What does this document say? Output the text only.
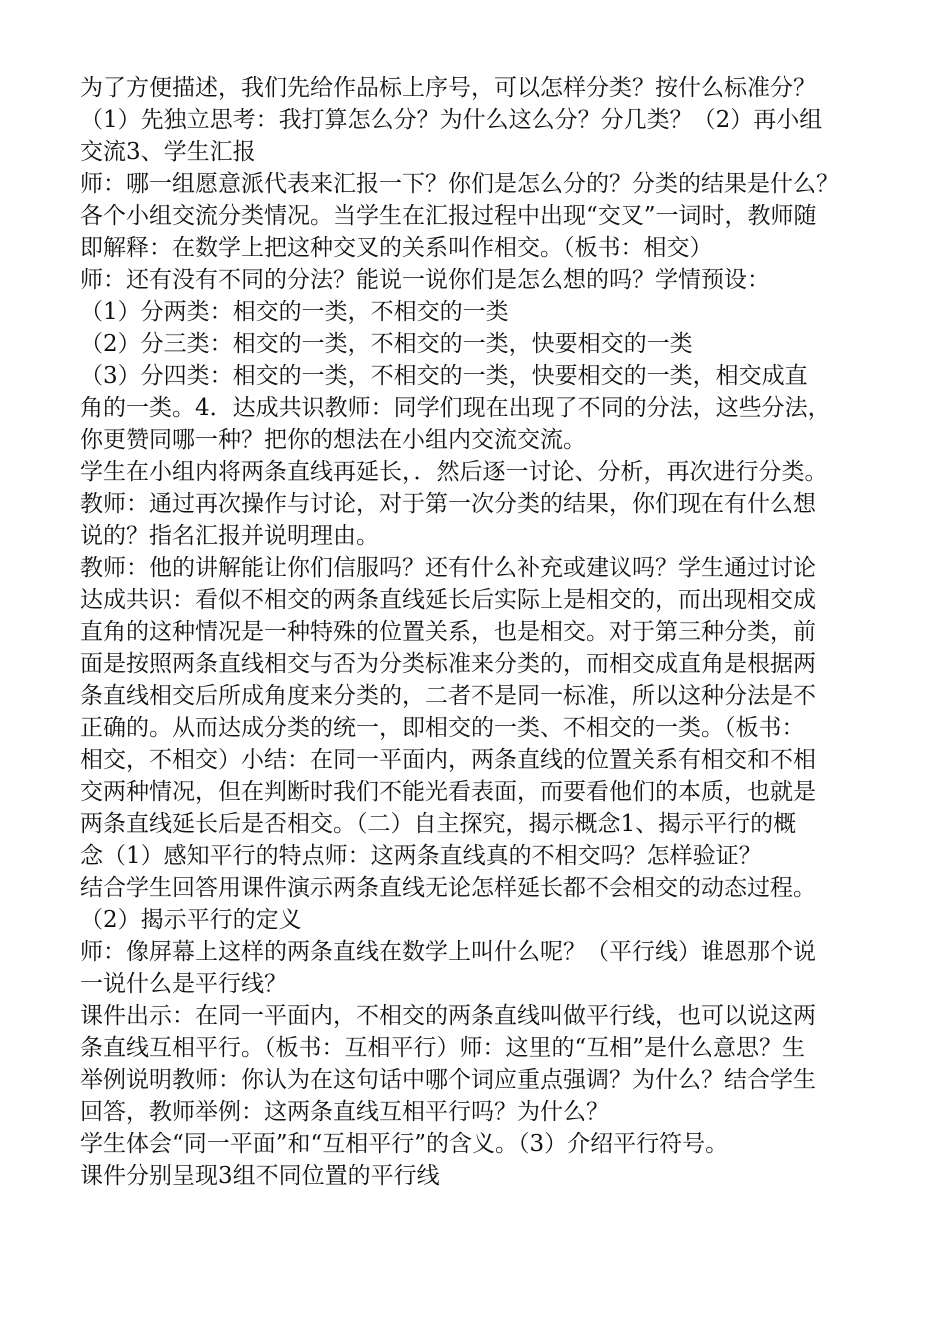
为了方便描述，我们先给作品标上序号，可以怎样分类？按什么标准分？
（1）先独立思考：我打算怎么分？为什么这么分？分几类？（2）再小组
交流3、学生汇报
师：哪一组愿意派代表来汇报一下？你们是怎么分的？分类的结果是什么？
各个小组交流分类情况。当学生在汇报过程中出现“交叉”一词时，教师随
即解释：在数学上把这种交叉的关系叫作相交。（板书：相交）
师：还有没有不同的分法？能说一说你们是怎么想的吗？学情预设：
（1）分两类：相交的一类，不相交的一类
（2）分三类：相交的一类，不相交的一类，快要相交的一类
（3）分四类：相交的一类，不相交的一类，快要相交的一类，相交成直
角的一类。4．达成共识教师：同学们现在出现了不同的分法，这些分法，
你更赞同哪一种？把你的想法在小组内交流交流。
学生在小组内将两条直线再延长，．然后逐一讨论、分析，再次进行分类。
教师：通过再次操作与讨论，对于第一次分类的结果，你们现在有什么想
说的？指名汇报并说明理由。
教师：他的讲解能让你们信服吗？还有什么补充或建议吗？学生通过讨论
达成共识：看似不相交的两条直线延长后实际上是相交的，而出现相交成
直角的这种情况是一种特殊的位置关系，也是相交。对于第三种分类，前
面是按照两条直线相交与否为分类标准来分类的，而相交成直角是根据两
条直线相交后所成角度来分类的，二者不是同一标准，所以这种分法是不
正确的。从而达成分类的统一，即相交的一类、不相交的一类。（板书：
相交，不相交）小结：在同一平面内，两条直线的位置关系有相交和不相
交两种情况，但在判断时我们不能光看表面，而要看他们的本质，也就是
两条直线延长后是否相交。（二）自主探究，揭示概念1、揭示平行的概
念（1）感知平行的特点师：这两条直线真的不相交吗？怎样验证？
结合学生回答用课件演示两条直线无论怎样延长都不会相交的动态过程。
（2）揭示平行的定义
师：像屏幕上这样的两条直线在数学上叫什么呢？（平行线）谁恩那个说
一说什么是平行线？
课件出示：在同一平面内，不相交的两条直线叫做平行线，也可以说这两
条直线互相平行。（板书：互相平行）师：这里的“互相”是什么意思？生
举例说明教师：你认为在这句话中哪个词应重点强调？为什么？结合学生
回答，教师举例：这两条直线互相平行吗？为什么？
学生体会“同一平面”和“互相平行”的含义。（3）介绍平行符号。
课件分别呈现3组不同位置的平行线
